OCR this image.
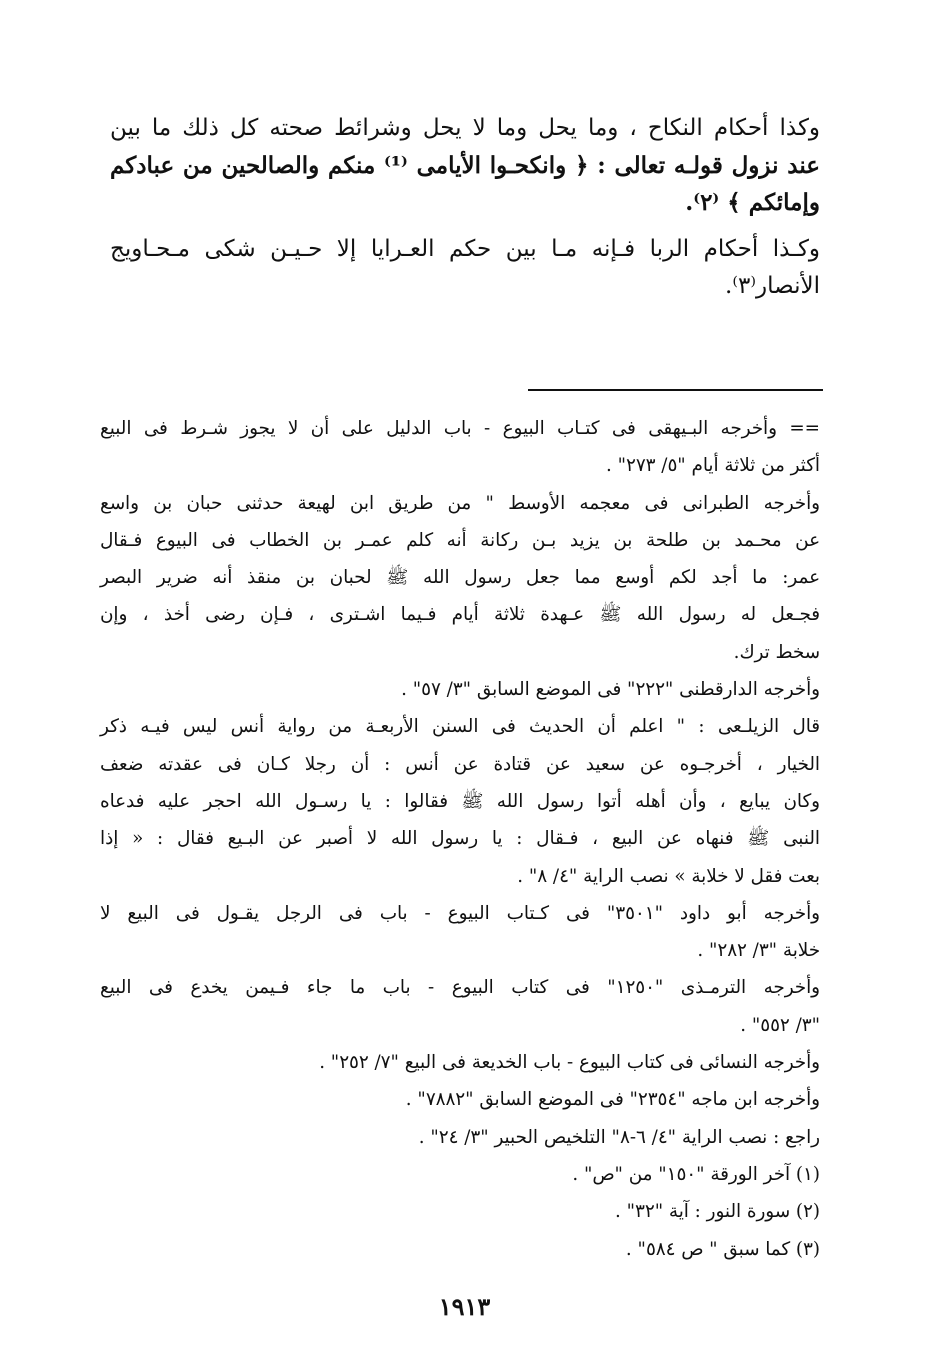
وكذا أحكام النكاح ، وما يحل وما لا يحل وشرائط صحته كل ذلك ما بين
عند نزول قولـه تعالى : ﴿ وانكحـوا الأيامى ⁽¹⁾ منكم والصالحين من عبادكم
وإمائكم ﴾ ⁽٢⁾.
وكـذا أحكام الربا فـإنه مـا بين حكم العـرايا إلا حـيـن شكى مـحـاويج
الأنصار⁽٣⁾.
== وأخرجه البـيهقى فى كتـاب البيوع - باب الدليل على أن لا يجوز شـرط فى البيع
أكثر من ثلاثة أيام "٥/ ٢٧٣" .
وأخرجه الطبرانى فى معجمه الأوسط " من طريق ابن لهيعة حدثنى حبان بن واسع
عن محـمد بن طلحة بن يزيد بـن ركانة أنه كلم عمـر بن الخطاب فى البيوع فـقال
عمر: ما أجد لكم أوسع مما جعل رسول الله ﷺ لحبان بن منقذ أنه ضرير البصر
فجـعل له رسول الله ﷺ عـهدة ثلاثة أيام فـيما اشـترى ، فـإن رضى أخذ ، وإن
سخط ترك.
وأخرجه الدارقطنى "٢٢٢" فى الموضع السابق "٣/ ٥٧" .
قال الزيلـعى : " اعلم أن الحديث فى السنن الأربعـة من رواية أنس ليس فيـه ذكر
الخيار ، أخرجـوه عن سعيد عن قتادة عن أنس : أن رجلا كـان فى عقدته ضعف
وكان يبايع ، وأن أهله أتوا رسول الله ﷺ فقالوا : يا رسـول الله احجر عليه فدعاه
النبى ﷺ فنهاه عن البيع ، فـقال : يا رسول الله لا أصبر عن البـيع فقال : « إذا
بعت فقل لا خلابة » نصب الراية "٤/ ٨" .
وأخرجه أبو داود "٣٥٠١" فى كـتاب البيوع - باب فى الرجل يقـول فى البيع لا
خلابة "٣/ ٢٨٢" .
وأخرجه الترمـذى "١٢٥٠" فى كتاب البيوع - باب ما جاء فـيمن يخدع فى البيع
"٣/ ٥٥٢" .
وأخرجه النسائى فى كتاب البيوع - باب الخديعة فى البيع "٧/ ٢٥٢" .
وأخرجه ابن ماجه "٢٣٥٤" فى الموضع السابق "٧٨٨٢" .
راجع : نصب الراية "٤/ ٦-٨" التلخيص الحبير "٣/ ٢٤" .
(١) آخر الورقة "١٥٠" من "ص" .
(٢) سورة النور : آية "٣٢" .
(٣) كما سبق " ص ٥٨٤" .
١٩١٣
